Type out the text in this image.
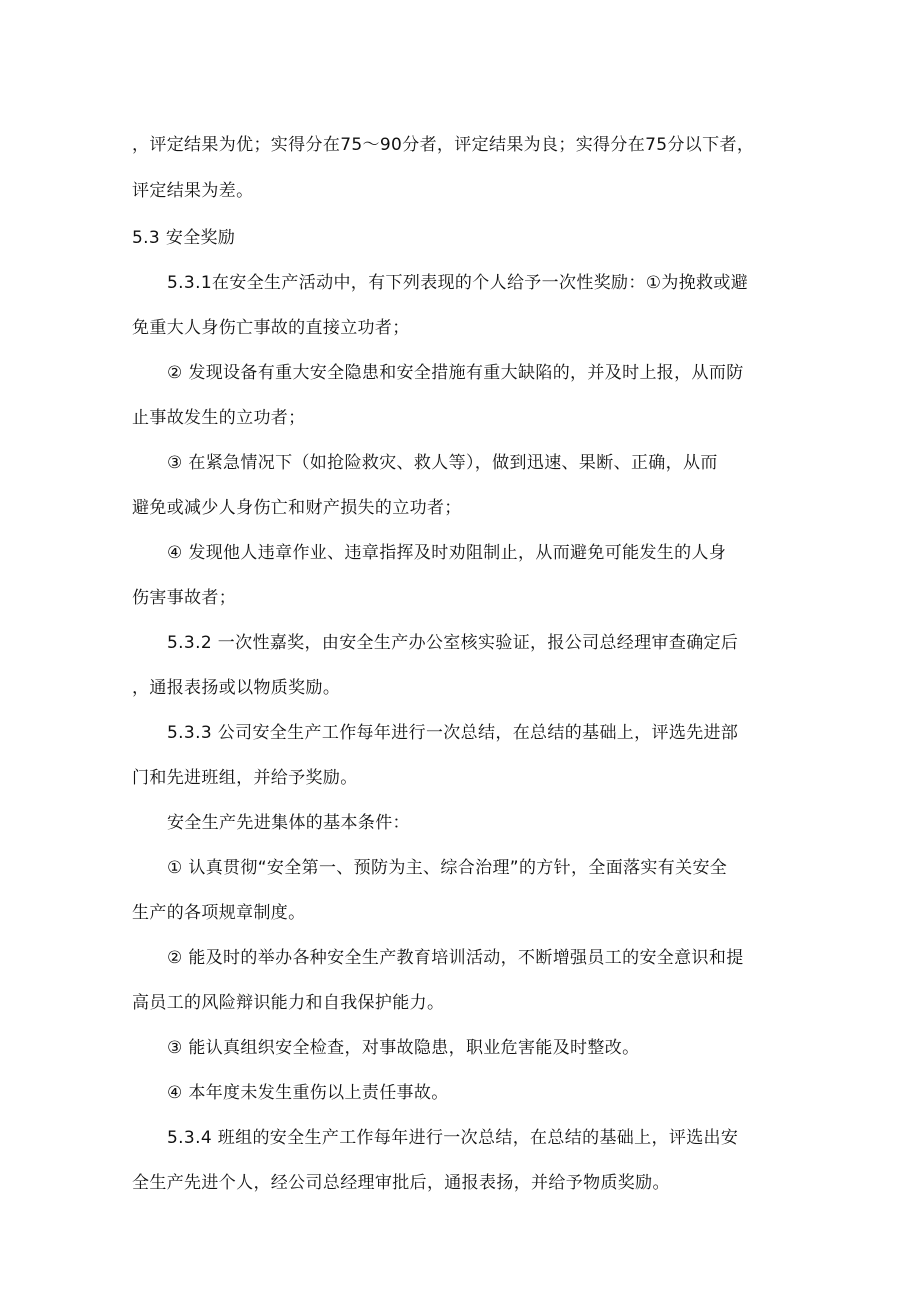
，评定结果为优；实得分在75～90分者，评定结果为良；实得分在75分以下者，
评定结果为差。
5.3 安全奖励
5.3.1在安全生产活动中，有下列表现的个人给予一次性奖励：①为挽救或避
免重大人身伤亡事故的直接立功者；
② 发现设备有重大安全隐患和安全措施有重大缺陷的，并及时上报，从而防
止事故发生的立功者；
③ 在紧急情况下（如抢险救灾、救人等），做到迅速、果断、正确，从而
避免或减少人身伤亡和财产损失的立功者；
④ 发现他人违章作业、违章指挥及时劝阻制止，从而避免可能发生的人身
伤害事故者；
5.3.2 一次性嘉奖，由安全生产办公室核实验证，报公司总经理审查确定后
，通报表扬或以物质奖励。
5.3.3 公司安全生产工作每年进行一次总结，在总结的基础上，评选先进部
门和先进班组，并给予奖励。
安全生产先进集体的基本条件：
① 认真贯彻“安全第一、预防为主、综合治理”的方针，全面落实有关安全
生产的各项规章制度。
② 能及时的举办各种安全生产教育培训活动，不断增强员工的安全意识和提
高员工的风险辩识能力和自我保护能力。
③ 能认真组织安全检查，对事故隐患，职业危害能及时整改。
④ 本年度未发生重伤以上责任事故。
5.3.4 班组的安全生产工作每年进行一次总结，在总结的基础上，评选出安
全生产先进个人，经公司总经理审批后，通报表扬，并给予物质奖励。
